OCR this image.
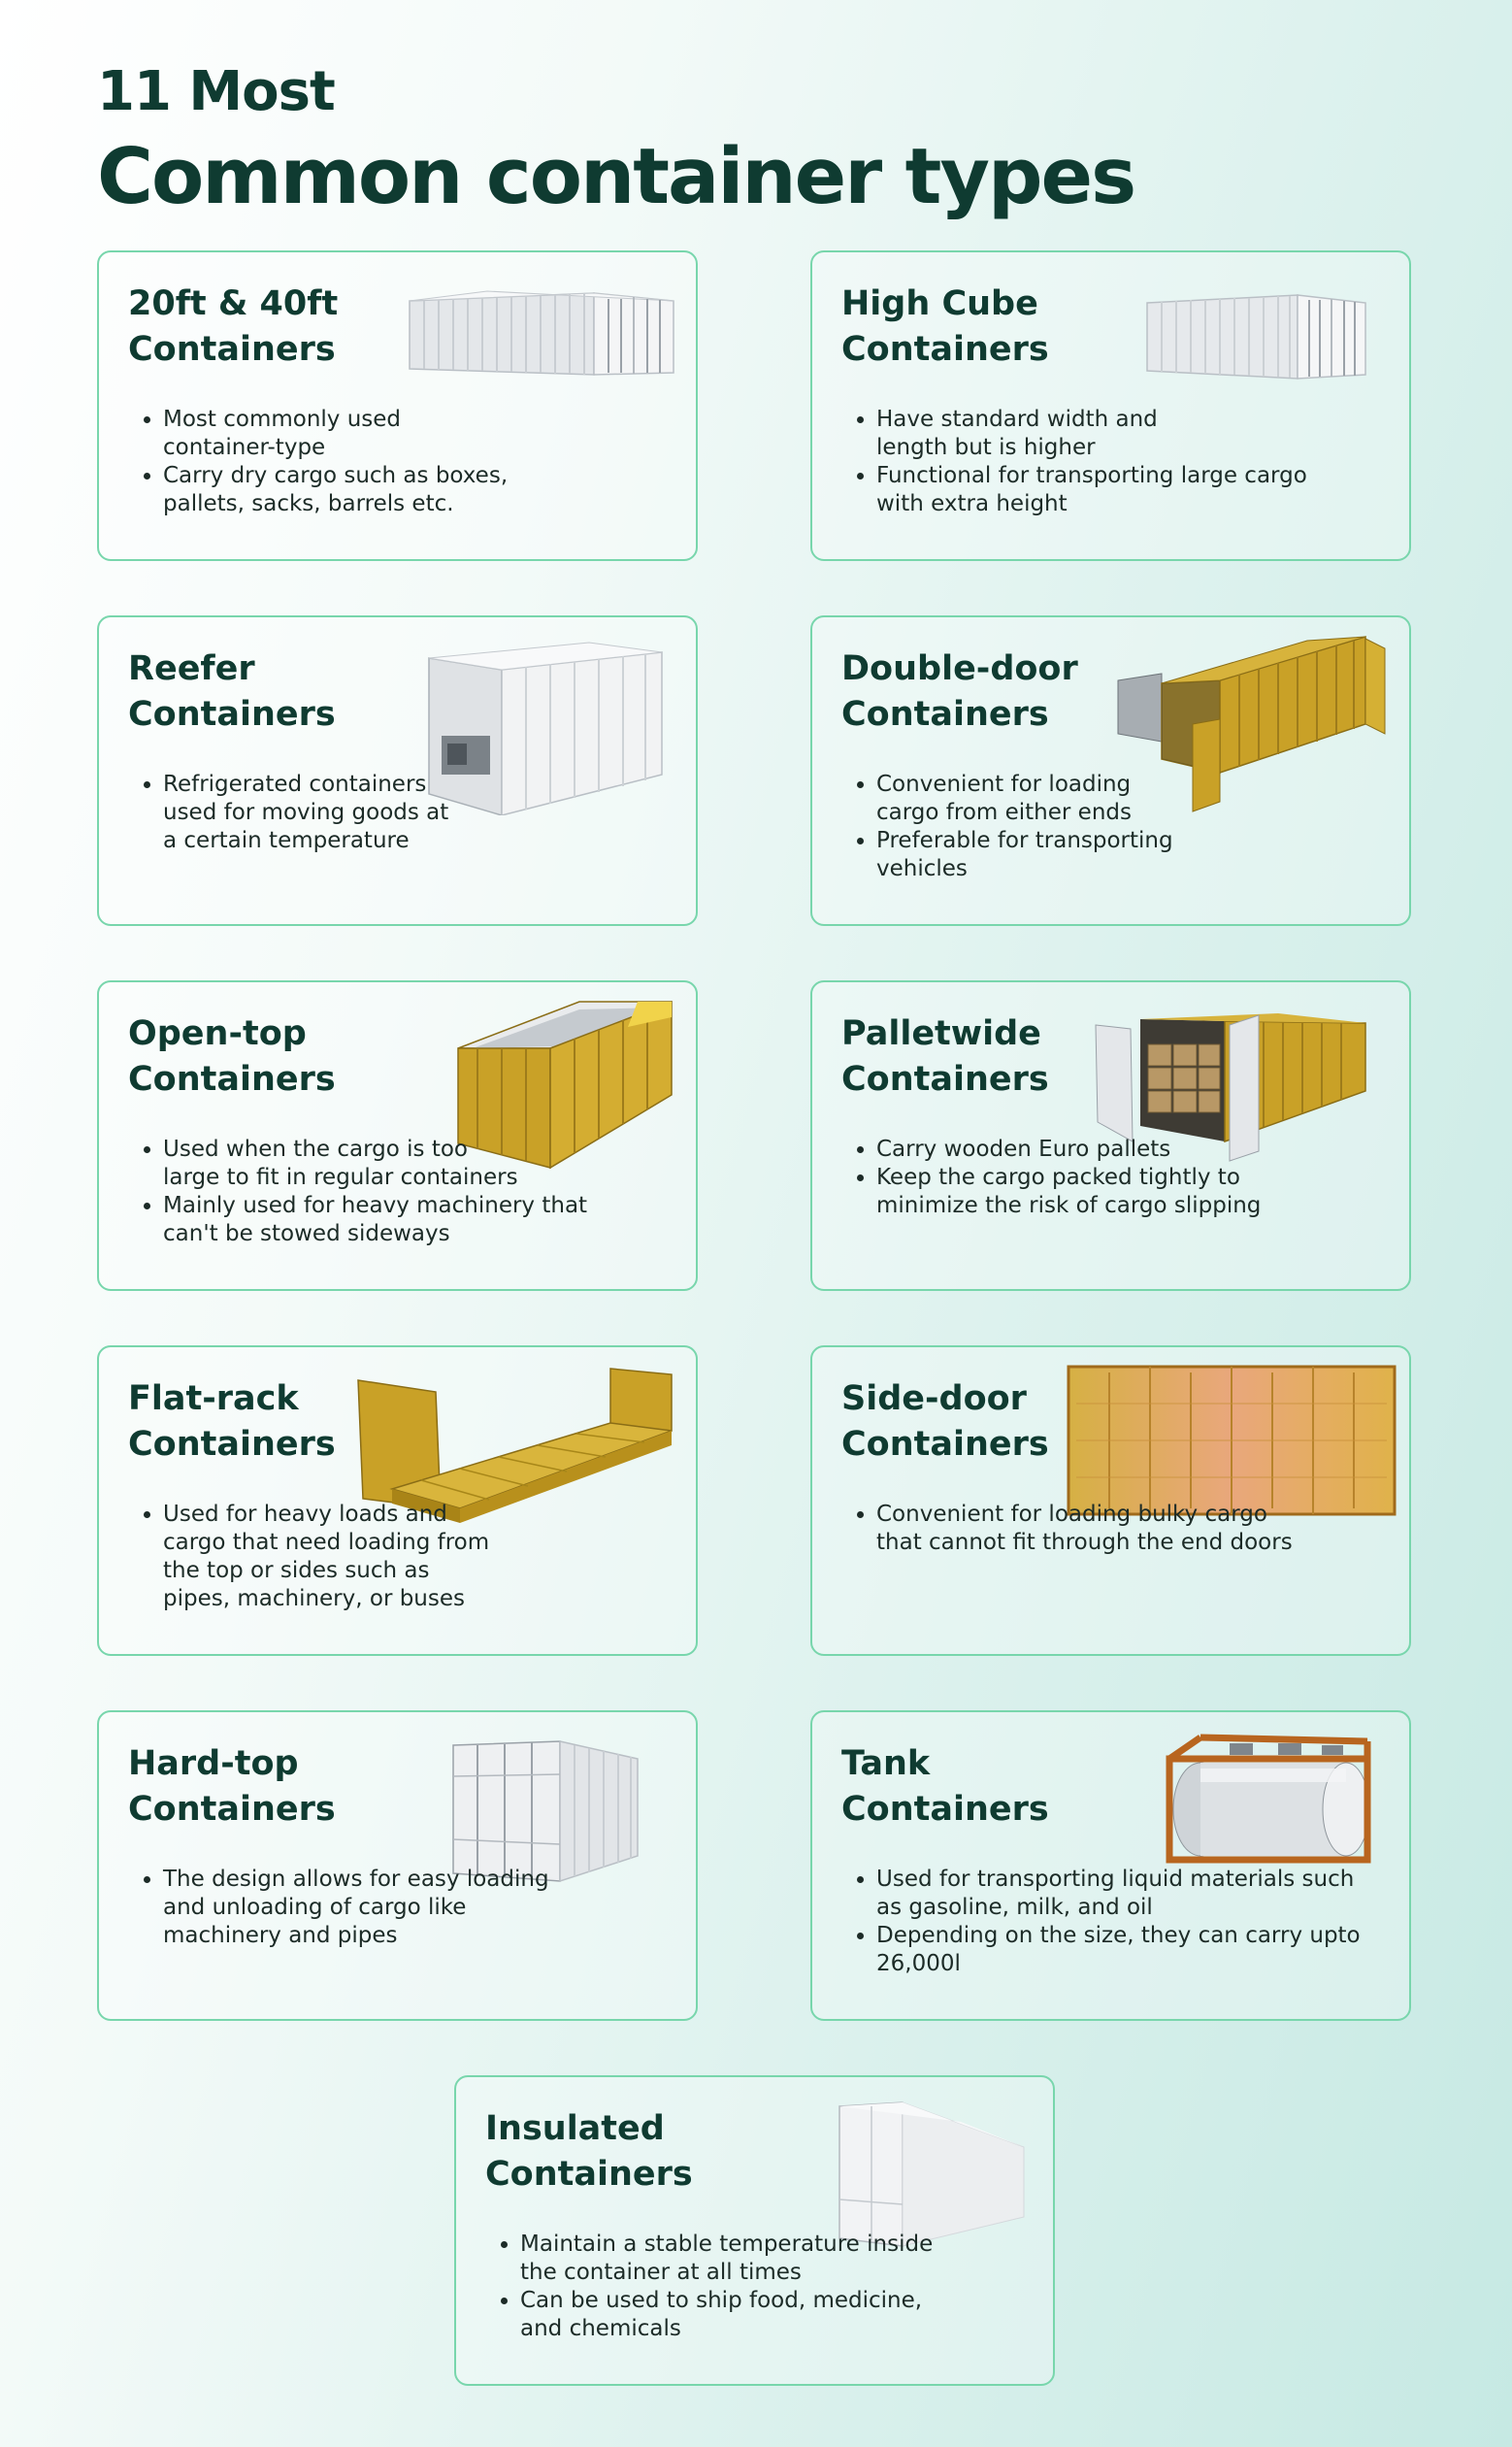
11 Most
Common container types
20ft & 40ft
Containers
• Most commonly used container-type
• Carry dry cargo such as boxes, pallets, sacks, barrels etc.
High Cube
Containers
• Have standard width and length but is higher
• Functional for transporting large cargo with extra height
Reefer
Containers
• Refrigerated containers used for moving goods at a certain temperature
Double-door
Containers
• Convenient for loading cargo from either ends
• Preferable for transporting vehicles
Open-top
Containers
• Used when the cargo is too large to fit in regular containers
• Mainly used for heavy machinery that can't be stowed sideways
Palletwide
Containers
• Carry wooden Euro pallets
• Keep the cargo packed tightly to minimize the risk of cargo slipping
Flat-rack
Containers
• Used for heavy loads and cargo that need loading from the top or sides such as pipes, machinery, or buses
Side-door
Containers
• Convenient for loading bulky cargo that cannot fit through the end doors
Hard-top
Containers
• The design allows for easy loading and unloading of cargo like machinery and pipes
Tank
Containers
• Used for transporting liquid materials such as gasoline, milk, and oil
• Depending on the size, they can carry upto 26,000l
Insulated
Containers
• Maintain a stable temperature inside the container at all times
• Can be used to ship food, medicine, and chemicals
